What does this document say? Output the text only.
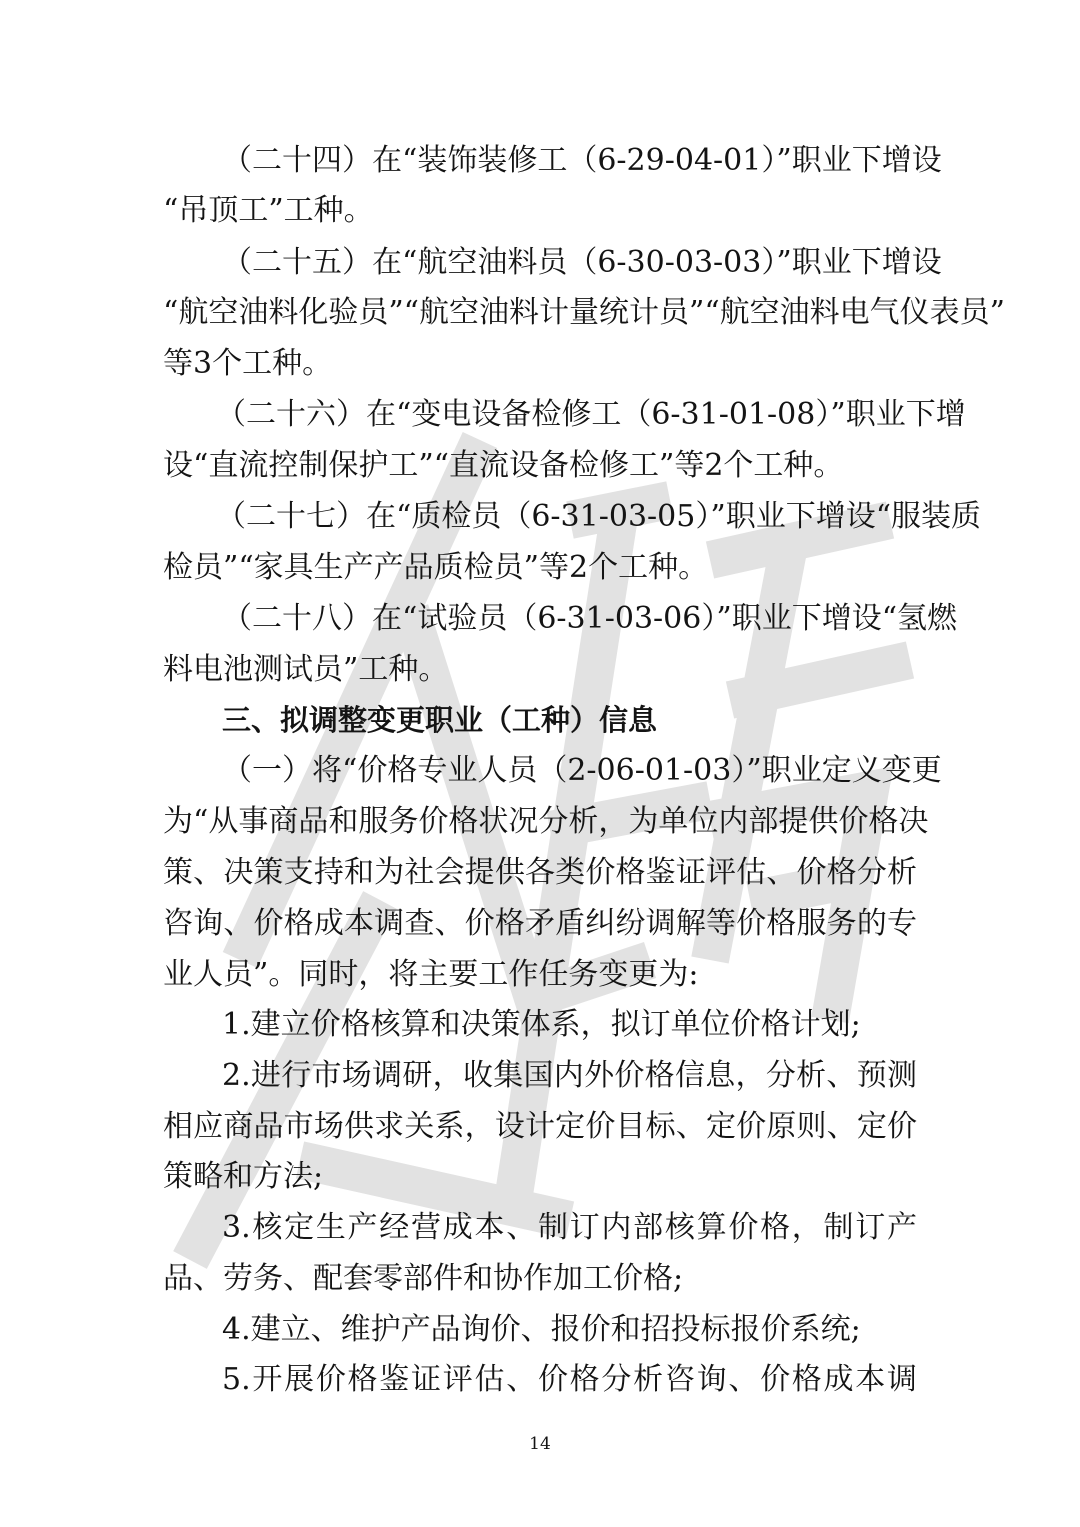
（二十四）在“装饰装修工（6-29-04-01）”职业下增设
“吊顶工”工种。
（二十五）在“航空油料员（6-30-03-03）”职业下增设
“航空油料化验员”“航空油料计量统计员”“航空油料电气仪表员”
等3个工种。
（二十六）在“变电设备检修工（6-31-01-08）”职业下增
设“直流控制保护工”“直流设备检修工”等2个工种。
（二十七）在“质检员（6-31-03-05）”职业下增设“服装质
检员”“家具生产产品质检员”等2个工种。
（二十八）在“试验员（6-31-03-06）”职业下增设“氢燃
料电池测试员”工种。
三、拟调整变更职业（工种）信息
（一）将“价格专业人员（2-06-01-03）”职业定义变更
为“从事商品和服务价格状况分析，为单位内部提供价格决
策、决策支持和为社会提供各类价格鉴证评估、价格分析
咨询、价格成本调查、价格矛盾纠纷调解等价格服务的专
业人员”。同时，将主要工作任务变更为:
1.建立价格核算和决策体系，拟订单位价格计划;
2.进行市场调研，收集国内外价格信息，分析、预测
相应商品市场供求关系，设计定价目标、定价原则、定价
策略和方法;
3.核定生产经营成本、制订内部核算价格，制订产
品、劳务、配套零部件和协作加工价格;
4.建立、维护产品询价、报价和招投标报价系统;
5.开展价格鉴证评估、价格分析咨询、价格成本调
14
